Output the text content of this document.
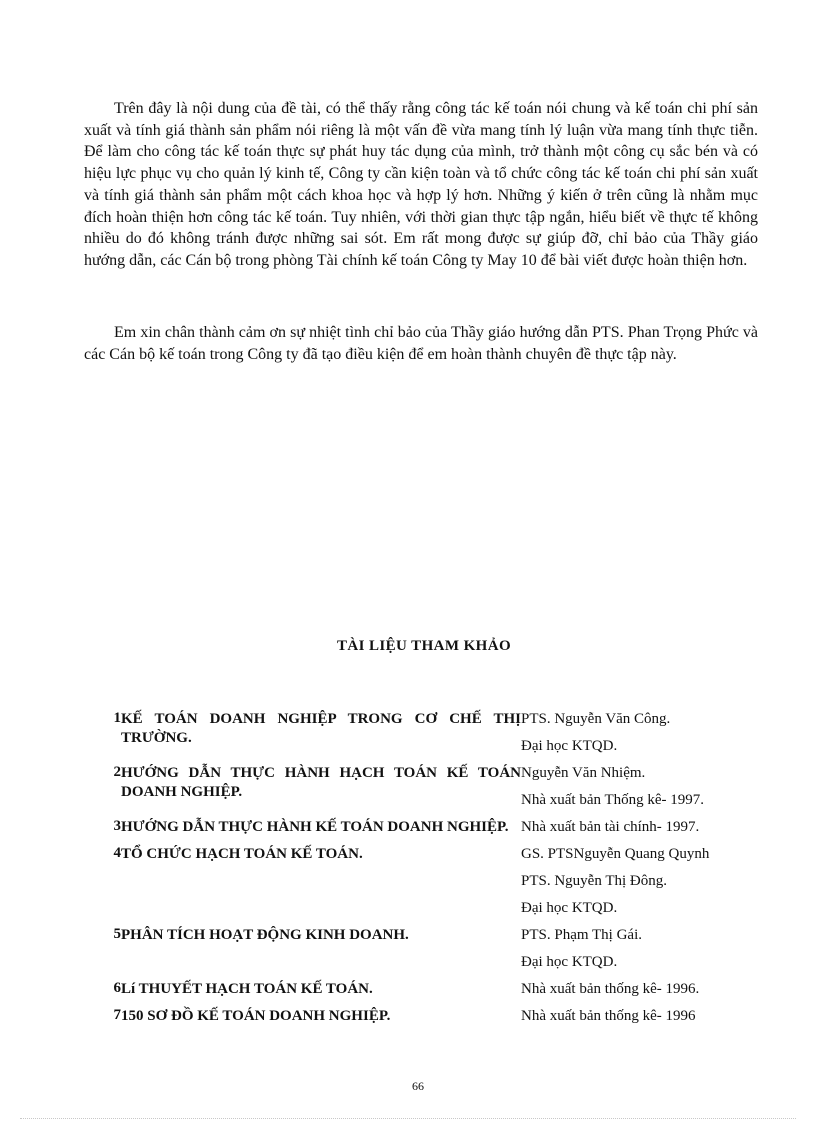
Trên đây là nội dung của đề tài, có thể thấy rằng công tác kế toán nói chung và kế toán chi phí sản xuất và tính giá thành sản phẩm nói riêng là một vấn đề vừa mang tính lý luận vừa mang tính thực tiễn. Để làm cho công tác kế toán thực sự phát huy tác dụng của mình, trở thành một công cụ sắc bén và có hiệu lực phục vụ cho quản lý kinh tế, Công ty cần kiện toàn và tổ chức công tác kế toán chi phí sản xuất và tính giá thành sản phẩm một cách khoa học và hợp lý hơn. Những ý kiến ở trên cũng là nhằm mục đích hoàn thiện hơn công tác kế toán. Tuy nhiên, với thời gian thực tập ngắn, hiểu biết về thực tế không nhiều do đó không tránh được những sai sót. Em rất mong được sự giúp đỡ, chỉ bảo của Thầy giáo hướng dẫn, các Cán bộ trong phòng Tài chính kế toán Công ty May 10 để bài viết được hoàn thiện hơn.

Em xin chân thành cảm ơn sự nhiệt tình chỉ bảo của Thầy giáo hướng dẫn PTS. Phan Trọng Phức và các Cán bộ kế toán trong Công ty đã tạo điều kiện để em hoàn thành chuyên đề thực tập này.

TÀI LIỆU THAM KHẢO

1	KẾ TOÁN DOANH NGHIỆP TRONG CƠ CHẾ THỊ TRƯỜNG.	PTS. Nguyễn Văn Công.
Đại học KTQD.

2	HƯỚNG DẪN THỰC HÀNH HẠCH TOÁN KẾ TOÁN DOANH NGHIỆP.	Nguyễn Văn Nhiệm.
Nhà xuất bản Thống kê- 1997.

3	HƯỚNG DẪN THỰC HÀNH KẾ TOÁN DOANH NGHIỆP.	Nhà xuất bản tài chính- 1997.

4	TỔ CHỨC HẠCH TOÁN KẾ TOÁN.	GS. PTSNguyễn Quang Quynh
PTS. Nguyễn Thị Đông.
Đại học KTQD.

5	PHÂN TÍCH HOẠT ĐỘNG KINH DOANH.	PTS. Phạm Thị Gái.
Đại học KTQD.

6	Lí THUYẾT HẠCH TOÁN KẾ TOÁN.	Nhà xuất bản thống kê- 1996.

7	150 SƠ ĐỒ KẾ TOÁN DOANH NGHIỆP.	Nhà xuất bản thống kê- 1996

66
